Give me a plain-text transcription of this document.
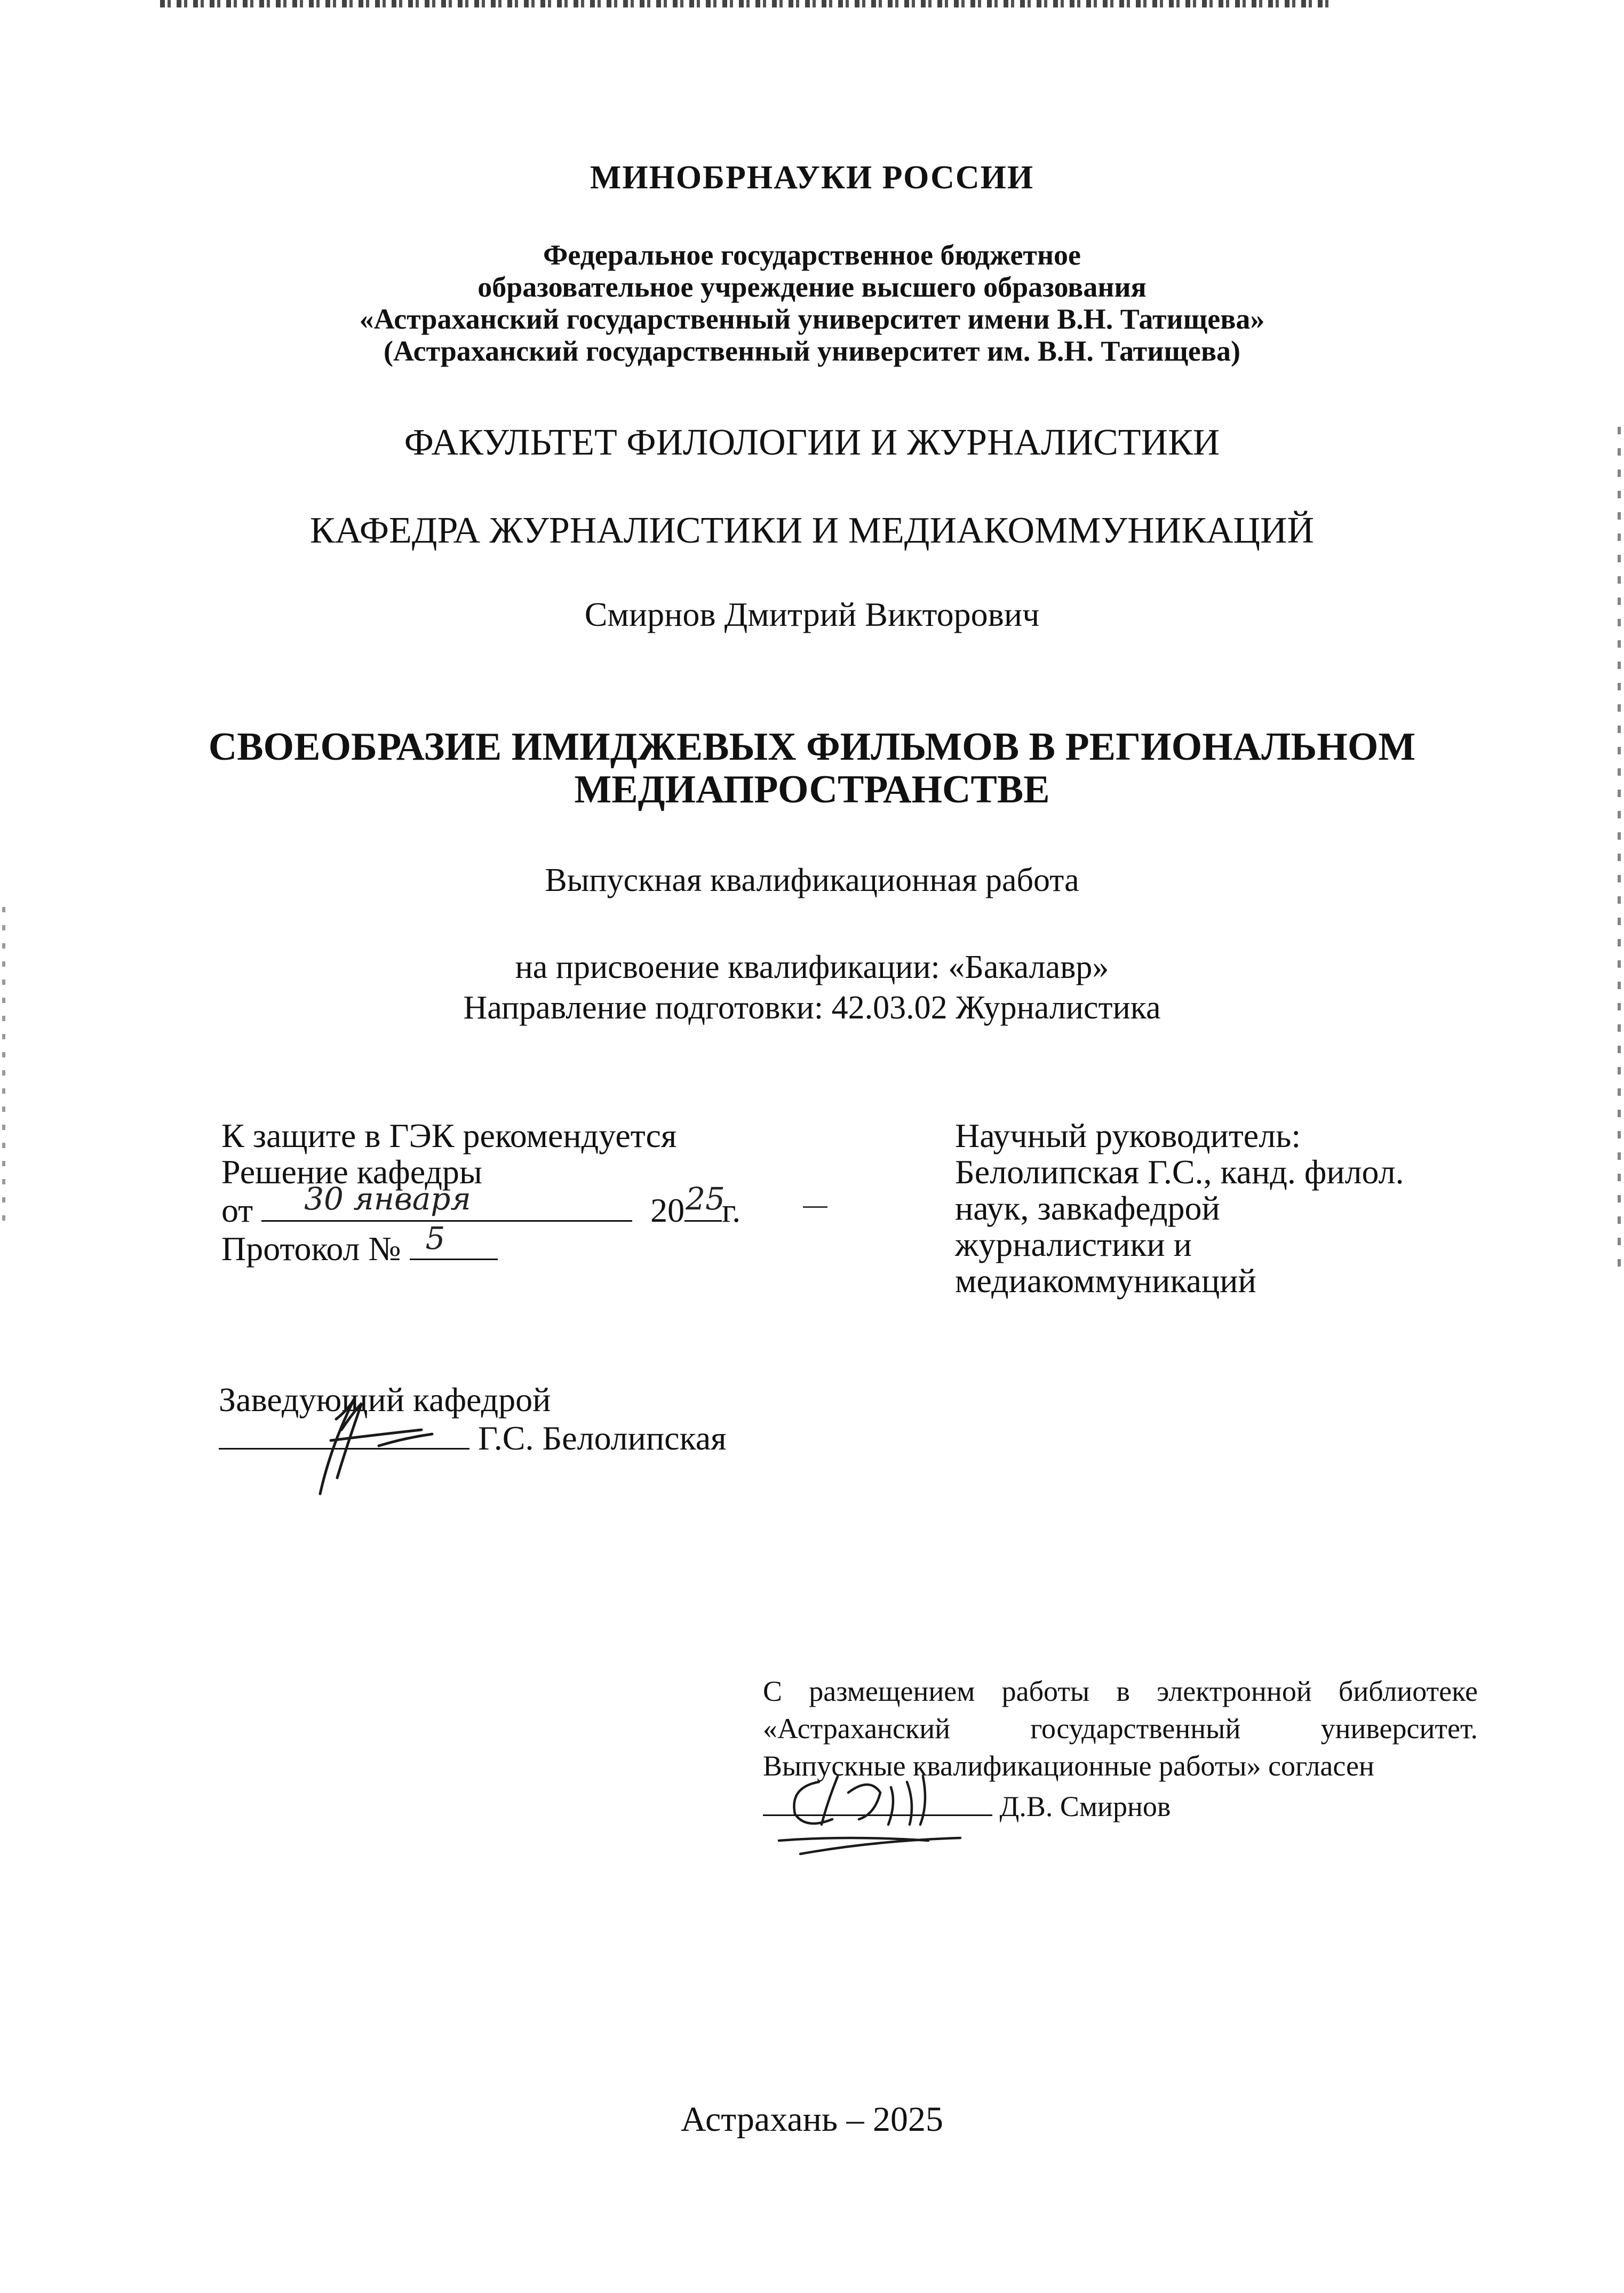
МИНОБРНАУКИ РОССИИ
Федеральное государственное бюджетное
образовательное учреждение высшего образования
«Астраханский государственный университет имени В.Н. Татищева»
(Астраханский государственный университет им. В.Н. Татищева)
ФАКУЛЬТЕТ ФИЛОЛОГИИ И ЖУРНАЛИСТИКИ
КАФЕДРА ЖУРНАЛИСТИКИ И МЕДИАКОММУНИКАЦИЙ
Смирнов Дмитрий Викторович
СВОЕОБРАЗИЕ ИМИДЖЕВЫХ ФИЛЬМОВ В РЕГИОНАЛЬНОМ
МЕДИАПРОСТРАНСТВЕ
Выпускная квалификационная работа
на присвоение квалификации: «Бакалавр»
Направление подготовки: 42.03.02 Журналистика
К защите в ГЭК рекомендуется
Решение кафедры
от 30 января	20 25
г.
Протокол № 5
Научный руководитель:
Белолипская Г.С., канд. филол.
наук, завкафедрой
журналистики и
медиакоммуникаций
Заведующий кафедрой
Г.С. Белолипская
С размещением работы в электронной библиотеке «Астраханский государственный университет. Выпускные квалификационные работы» согласен
Д.В. Смирнов
Астрахань – 2025
